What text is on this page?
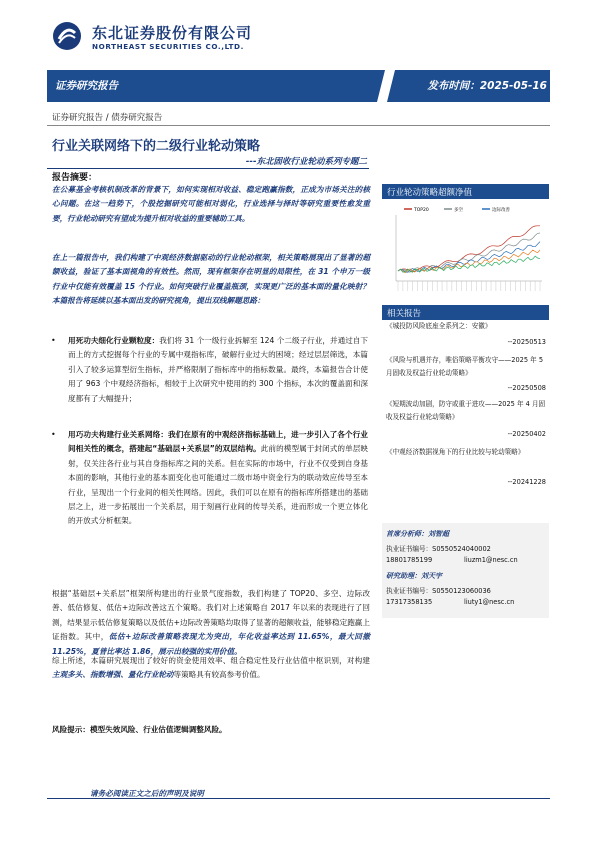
东北证券股份有限公司
NORTHEAST SECURITIES CO.,LTD.
证券研究报告	发布时间：2025-05-16
证券研究报告 / 债券研究报告
行业关联网络下的二级行业轮动策略
---东北固收行业轮动系列专题二
报告摘要：
在公募基金考核机制改革的背景下，如何实现相对收益、稳定跑赢指数，正成为市场关注的核心问题。在这一趋势下，个股挖掘研究可能相对弱化，行业选择与择时等研究重要性愈发重要，行业轮动研究有望成为提升相对收益的重要辅助工具。
在上一篇报告中，我们构建了中观经济数据驱动的行业轮动框架，相关策略展现出了显著的超额收益，验证了基本面视角的有效性。然而，现有框架存在明显的局限性，在 31 个申万一级行业中仅能有效覆盖 15 个行业。如何突破行业覆盖瓶颈，实现更广泛的基本面的量化映射？本篇报告将延续以基本面出发的研究视角，提出双线解题思路：
• 用死功夫细化行业颗粒度：我们将 31 个一级行业拆解至 124 个二级子行业，并通过自下而上的方式挖掘每个行业的专属中观指标库，破解行业过大的困境；经过层层筛选，本篇引入了较多运算型衍生指标，并严格限制了指标库中的指标数量。最终，本篇报告合计使用了 963 个中观经济指标，相较于上次研究中使用的约 300 个指标，本次的覆盖面和深度都有了大幅提升；
• 用巧功夫构建行业关系网络：我们在原有的中观经济指标基础上，进一步引入了各个行业间相关性的概念，搭建起“基础层+关系层”的双层结构。此前的模型属于封闭式的单层映射，仅关注各行业与其自身指标库之间的关系。但在实际的市场中，行业不仅受到自身基本面的影响，其他行业的基本面变化也可能通过二级市场中资金行为的联动效应传导至本行业，呈现出一个行业间的相关性网络。因此，我们可以在原有的指标库所搭建出的基础层之上，进一步拓展出一个关系层，用于刻画行业间的传导关系，进而形成一个更立体化的开放式分析框架。
根据“基础层+关系层”框架所构建出的行业景气度指数，我们构建了 TOP20、多空、边际改善、低估修复、低估+边际改善这五个策略。我们对上述策略自 2017 年以来的表现进行了回测，结果显示低估修复策略以及低估+边际改善策略均取得了显著的超额收益，能够稳定跑赢上证指数。其中，低估+边际改善策略表现尤为突出，年化收益率达到 11.65%，最大回撤 11.25%，夏普比率达 1.86，展示出较强的实用价值。
综上所述，本篇研究展现出了较好的资金使用效率、组合稳定性及行业估值中枢识别，对构建主观多头、指数增强、量化行业轮动等策略具有较高参考价值。
风险提示：模型失效风险、行业估值逻辑调整风险。
请务必阅读正文之后的声明及说明
行业轮动策略超额净值
TOP20	多空	边际改善
相关报告
《城投防风险底座全系列之：安徽》
--20250513
《风险与机遇并存，唯俗策略平衡攻守——2025 年 5 月固收及权益行业轮动策略》
--20250508
《短期波动加剧，防守或重于进攻——2025 年 4 月固收及权益行业轮动策略》
--20250402
《中观经济数据视角下的行业比较与轮动策略》
--20241228
首席分析师：刘智超
执业证书编号：S0550524040002
18801785199	liuzm1@nesc.cn
研究助理：刘天宇
执业证书编号：S0550123060036
17317358135	liuty1@nesc.cn
